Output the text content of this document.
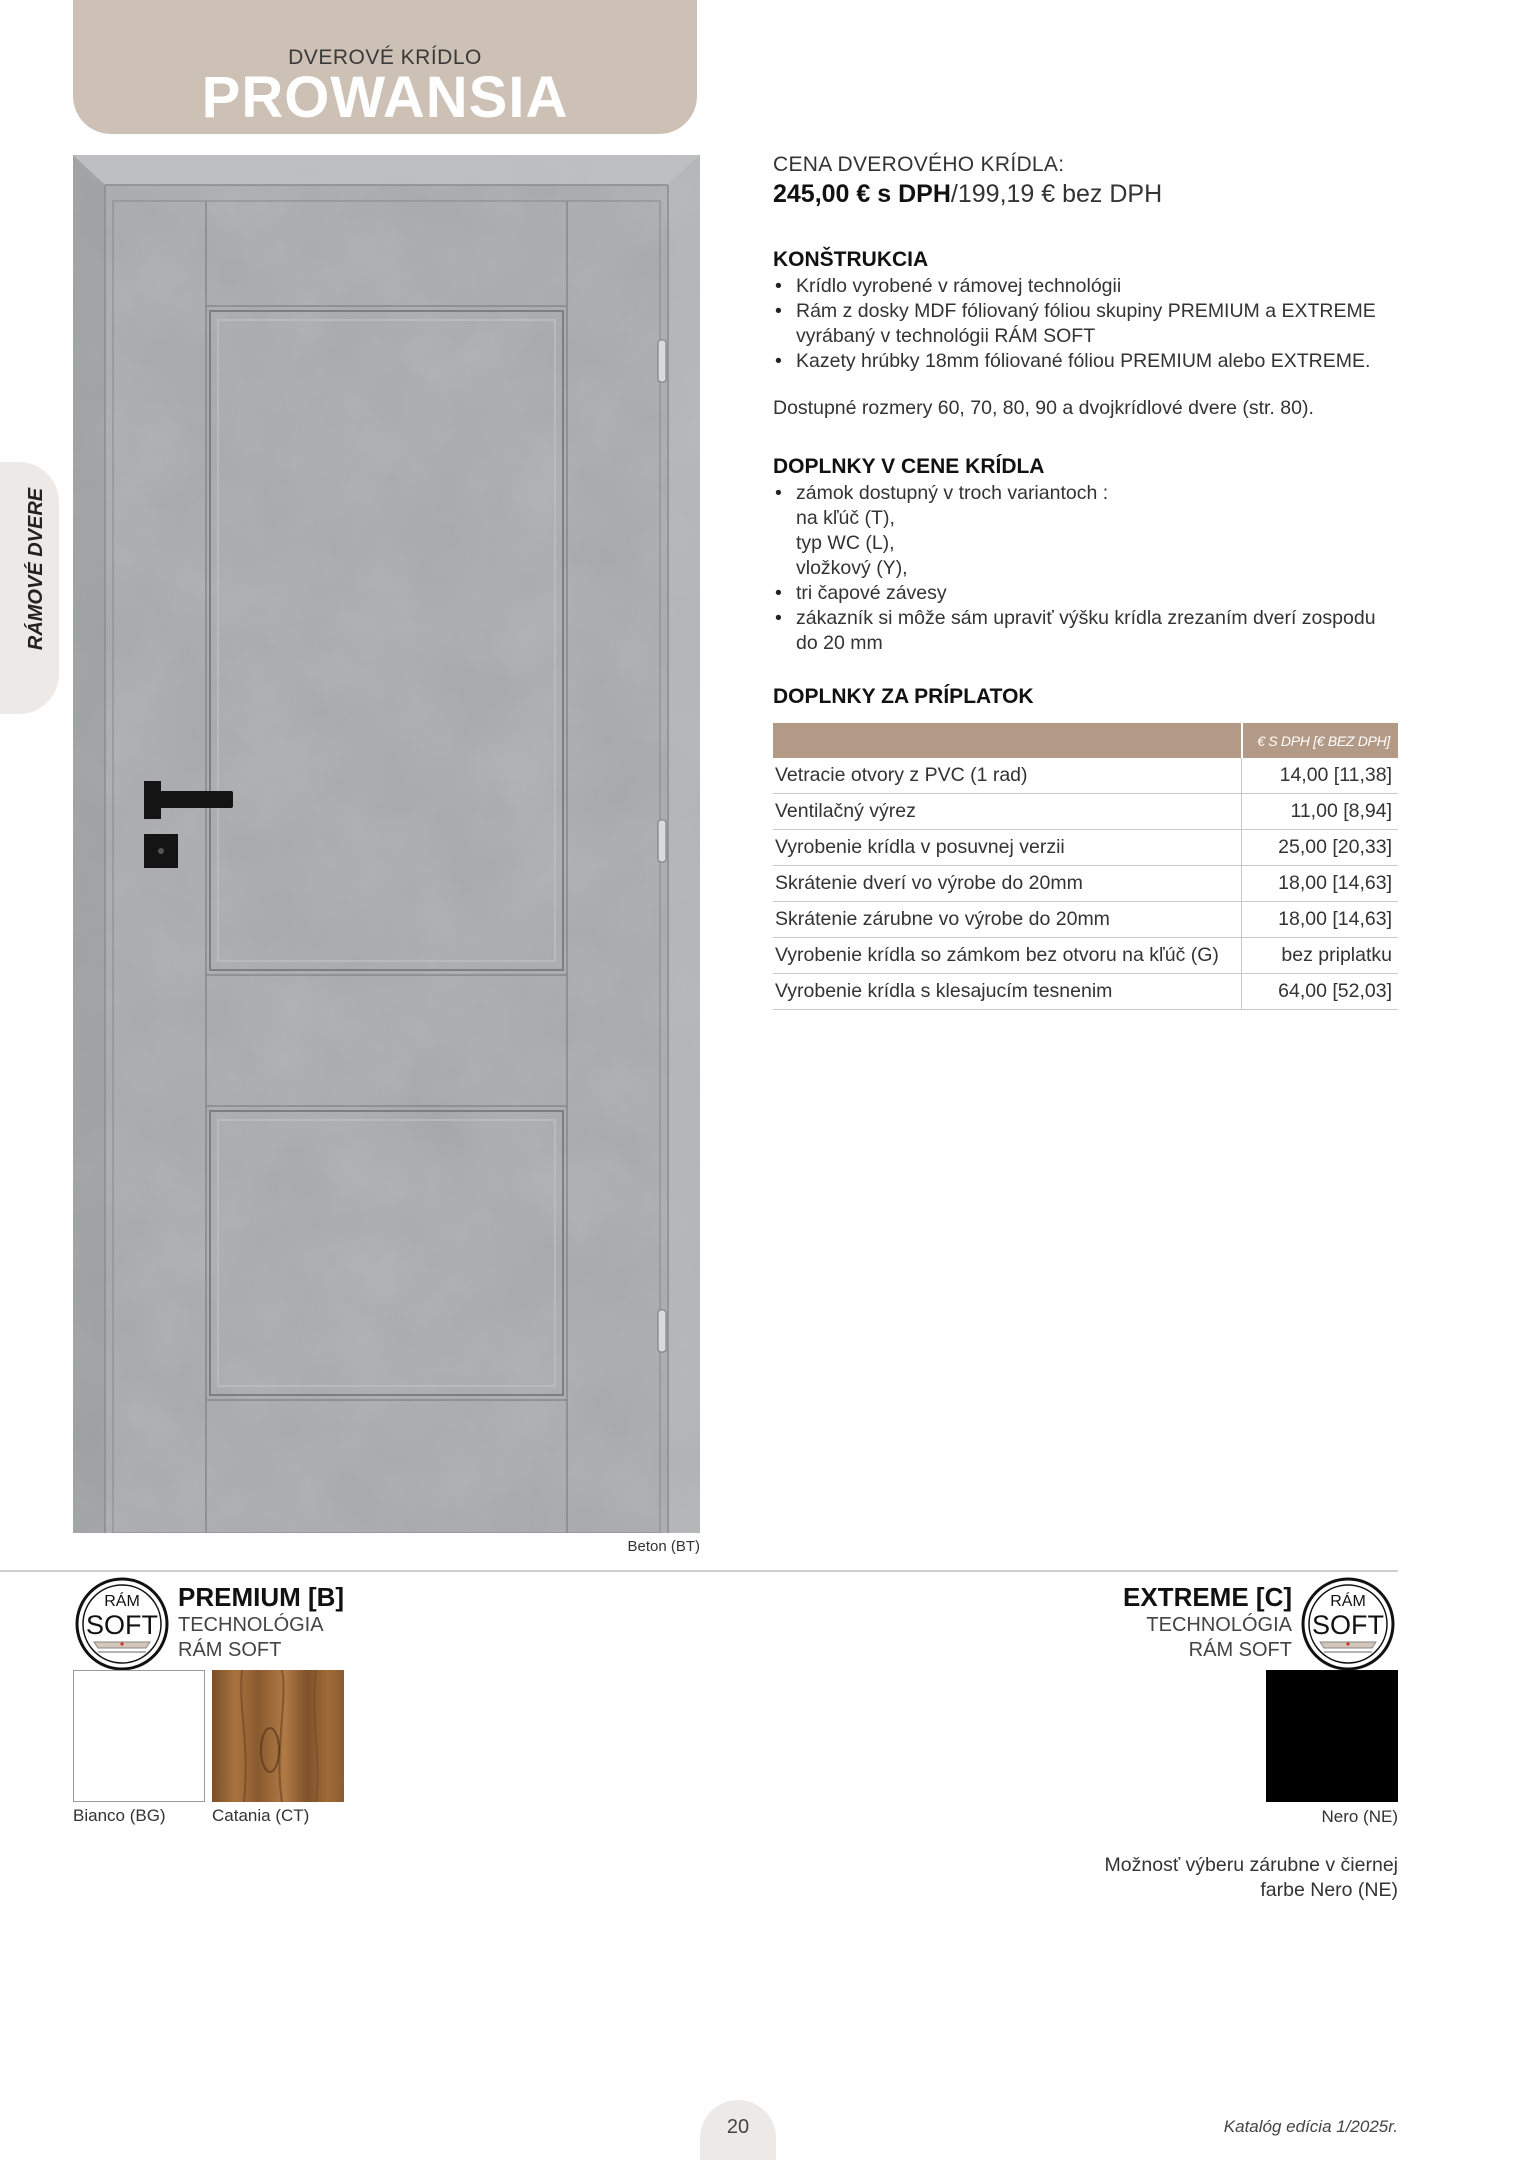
DVEROVÉ KRÍDLO
PROWANSIA
RÁMOVÉ DVERE
Beton (BT)
CENA DVEROVÉHO KRÍDLA:
245,00 € s DPH/199,19 € bez DPH
KONŠTRUKCIA
• Krídlo vyrobené v rámovej technológii
• Rám z dosky MDF fóliovaný fóliou skupiny PREMIUM a EXTREME
vyrábaný v technológii RÁM SOFT
• Kazety hrúbky 18mm fóliované fóliou PREMIUM alebo EXTREME.
Dostupné rozmery 60, 70, 80, 90 a dvojkrídlové dvere (str. 80).
DOPLNKY V CENE KRÍDLA
• zámok dostupný v troch variantoch :
na kľúč (T),
typ WC (L),
vložkový (Y),
• tri čapové závesy
• zákazník si môže sám upraviť výšku krídla zrezaním dverí zospodu
do 20 mm
DOPLNKY ZA PRÍPLATOK
	€ S DPH [€ BEZ DPH]
Vetracie otvory z PVC (1 rad)	14,00 [11,38]
Ventilačný výrez	11,00 [8,94]
Vyrobenie krídla v posuvnej verzii	25,00 [20,33]
Skrátenie dverí vo výrobe do 20mm	18,00 [14,63]
Skrátenie zárubne vo výrobe do 20mm	18,00 [14,63]
Vyrobenie krídla so zámkom bez otvoru na kľúč (G)	bez priplatku
Vyrobenie krídla s klesajucím tesnenim	64,00 [52,03]
RÁM
SOFT
PREMIUM [B]
TECHNOLÓGIA
RÁM SOFT
Bianco (BG)	Catania (CT)
RÁM
SOFT
EXTREME [C]
TECHNOLÓGIA
RÁM SOFT
Nero (NE)
Možnosť výberu zárubne v čiernej
farbe Nero (NE)
20	Katalóg edícia 1/2025r.
